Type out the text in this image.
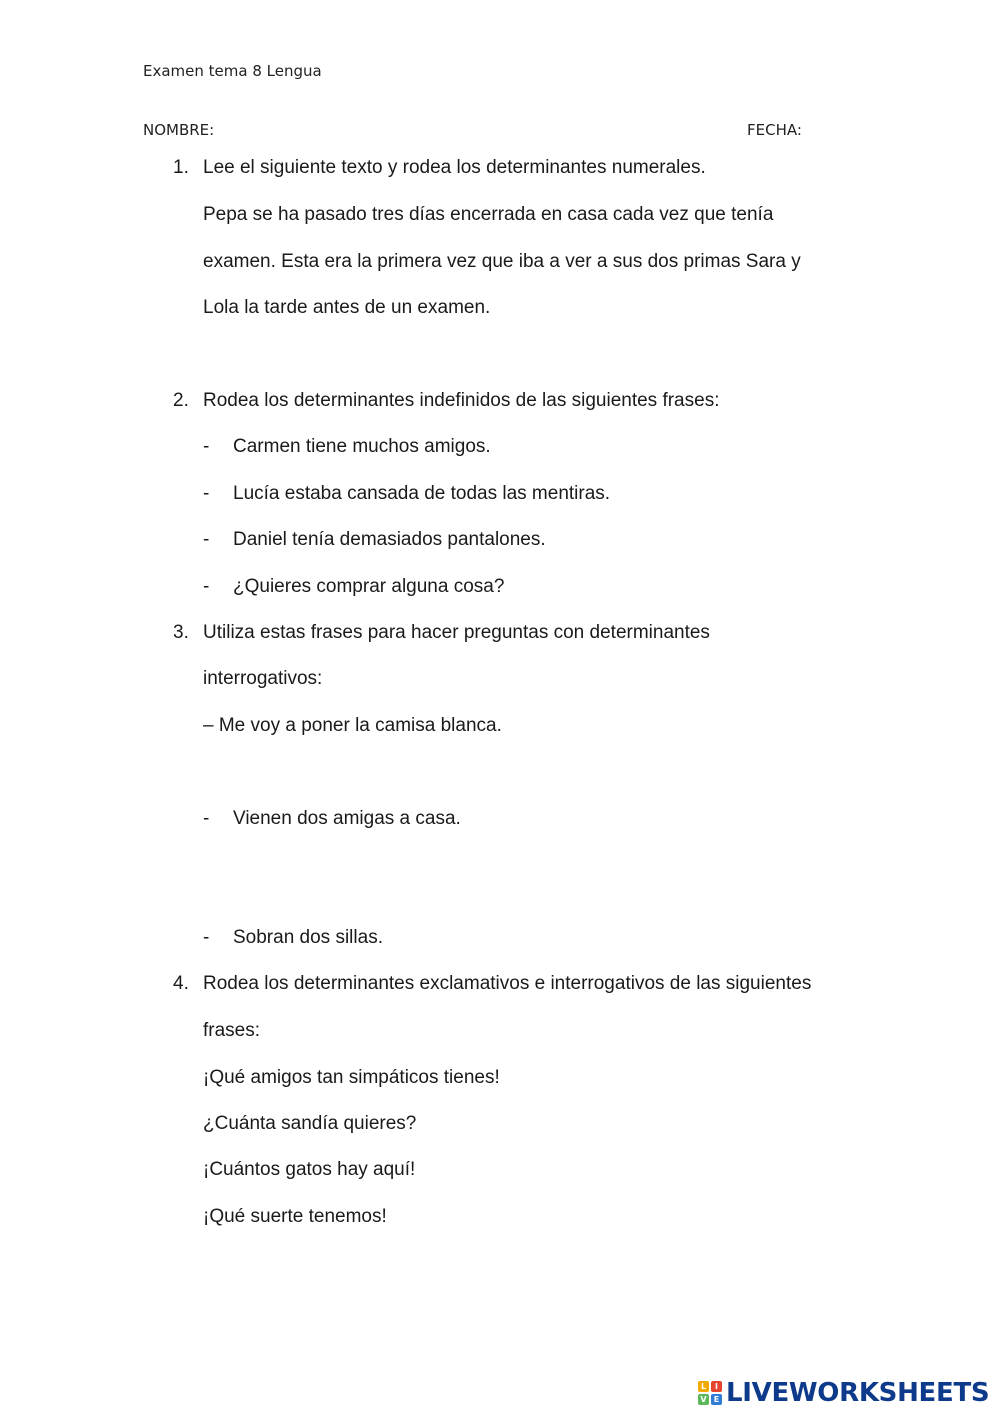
Examen tema 8 Lengua
NOMBRE:	FECHA:
1. Lee el siguiente texto y rodea los determinantes numerales.
Pepa se ha pasado tres días encerrada en casa cada vez que tenía
examen. Esta era la primera vez que iba a ver a sus dos primas Sara y
Lola la tarde antes de un examen.
2. Rodea los determinantes indefinidos de las siguientes frases:
- Carmen tiene muchos amigos.
- Lucía estaba cansada de todas las mentiras.
- Daniel tenía demasiados pantalones.
- ¿Quieres comprar alguna cosa?
3. Utiliza estas frases para hacer preguntas con determinantes
interrogativos:
– Me voy a poner la camisa blanca.
- Vienen dos amigas a casa.
- Sobran dos sillas.
4. Rodea los determinantes exclamativos e interrogativos de las siguientes
frases:
¡Qué amigos tan simpáticos tienes!
¿Cuánta sandía quieres?
¡Cuántos gatos hay aquí!
¡Qué suerte tenemos!
L	I
V E LIVEWORKSHEETS
